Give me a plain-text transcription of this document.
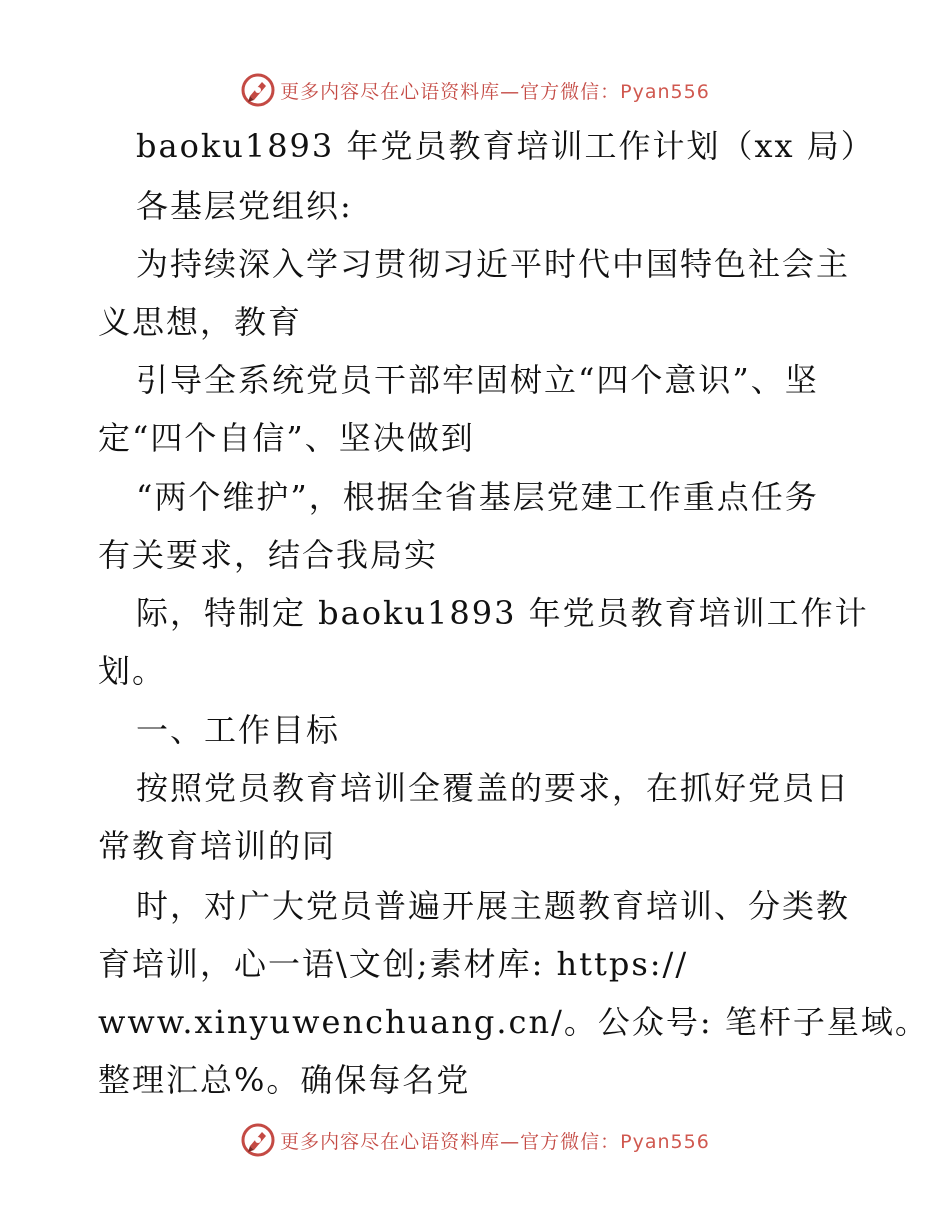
更多内容尽在心语资料库—官方微信：Pyan556
baoku1893 年党员教育培训工作计划（xx 局）
各基层党组织:
为持续深入学习贯彻习近平时代中国特色社会主
义思想，教育
引导全系统党员干部牢固树立“四个意识”、坚
定“四个自信”、坚决做到
“两个维护”，根据全省基层党建工作重点任务
有关要求，结合我局实
际，特制定 baoku1893 年党员教育培训工作计
划。
一、工作目标
按照党员教育培训全覆盖的要求，在抓好党员日
常教育培训的同
时，对广大党员普遍开展主题教育培训、分类教
育培训，心一语\文创;素材库: https://
www.xinyuwenchuang.cn/。公众号: 笔杆子星域。
整理汇总%。确保每名党
更多内容尽在心语资料库—官方微信：Pyan556
